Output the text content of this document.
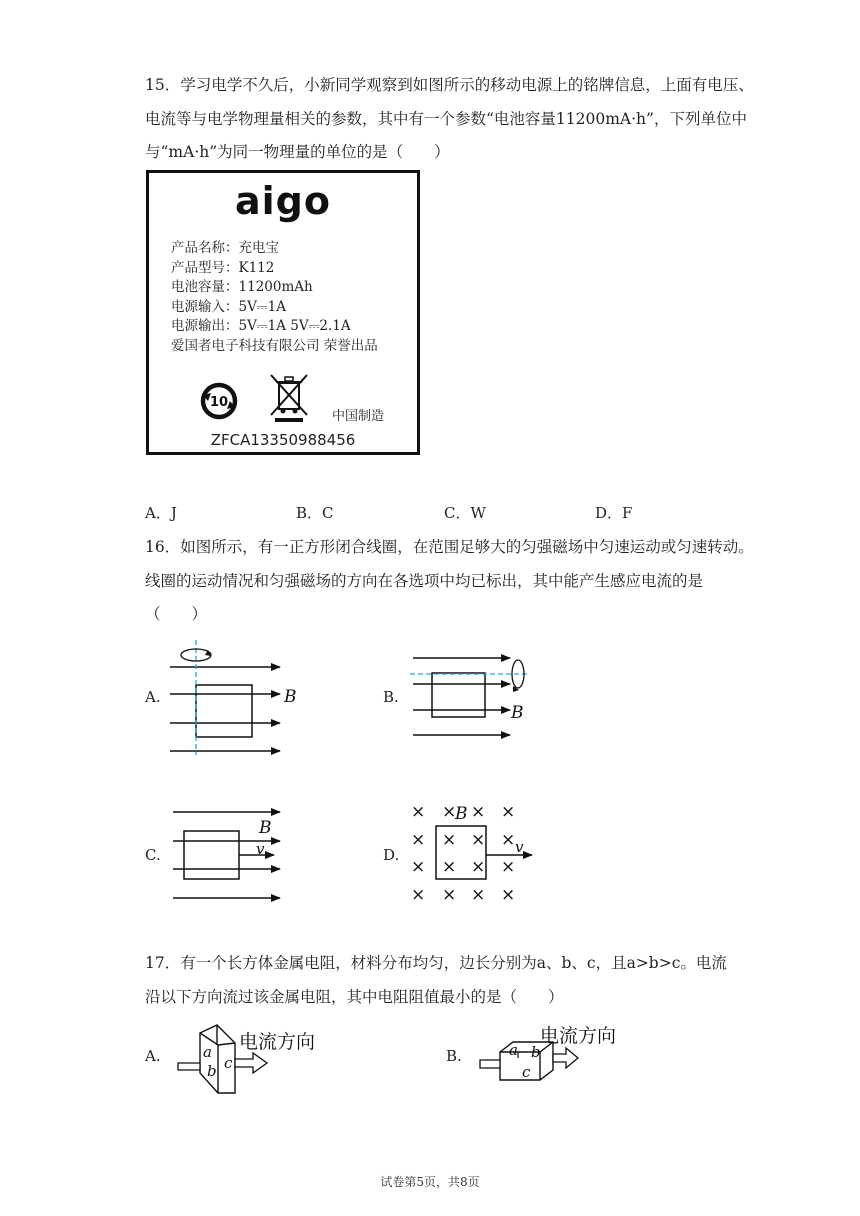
15．学习电学不久后，小新同学观察到如图所示的移动电源上的铭牌信息，上面有电压、
电流等与电学物理量相关的参数，其中有一个参数“电池容量11200mA·h”，下列单位中
与“mA·h”为同一物理量的单位的是（　　）
aigo
产品名称：充电宝
产品型号：K112
电池容量：11200mAh
电源输入：5V⎓1A
电源输出：5V⎓1A 5V⎓2.1A
爱国者电子科技有限公司 荣誉出品
10
中国制造
ZFCA13350988456
A．J	B．C	C．W	D．F
16．如图所示，有一正方形闭合线圈，在范围足够大的匀强磁场中匀速运动或匀速转动。
线圈的运动情况和匀强磁场的方向在各选项中均已标出，其中能产生感应电流的是
（　　）
A.	B	B.
B
C.
B
v	D.
× × × ×
× × × ×
× × × ×
× × × ×
B
v
17．有一个长方体金属电阻，材料分布均匀，边长分别为a、b、c，且a>b>c。电流
沿以下方向流过该金属电阻，其中电阻阻值最小的是（　　）
A.	a
b c
电流方向
B.	a b
c
电流方向
试卷第5页，共8页
